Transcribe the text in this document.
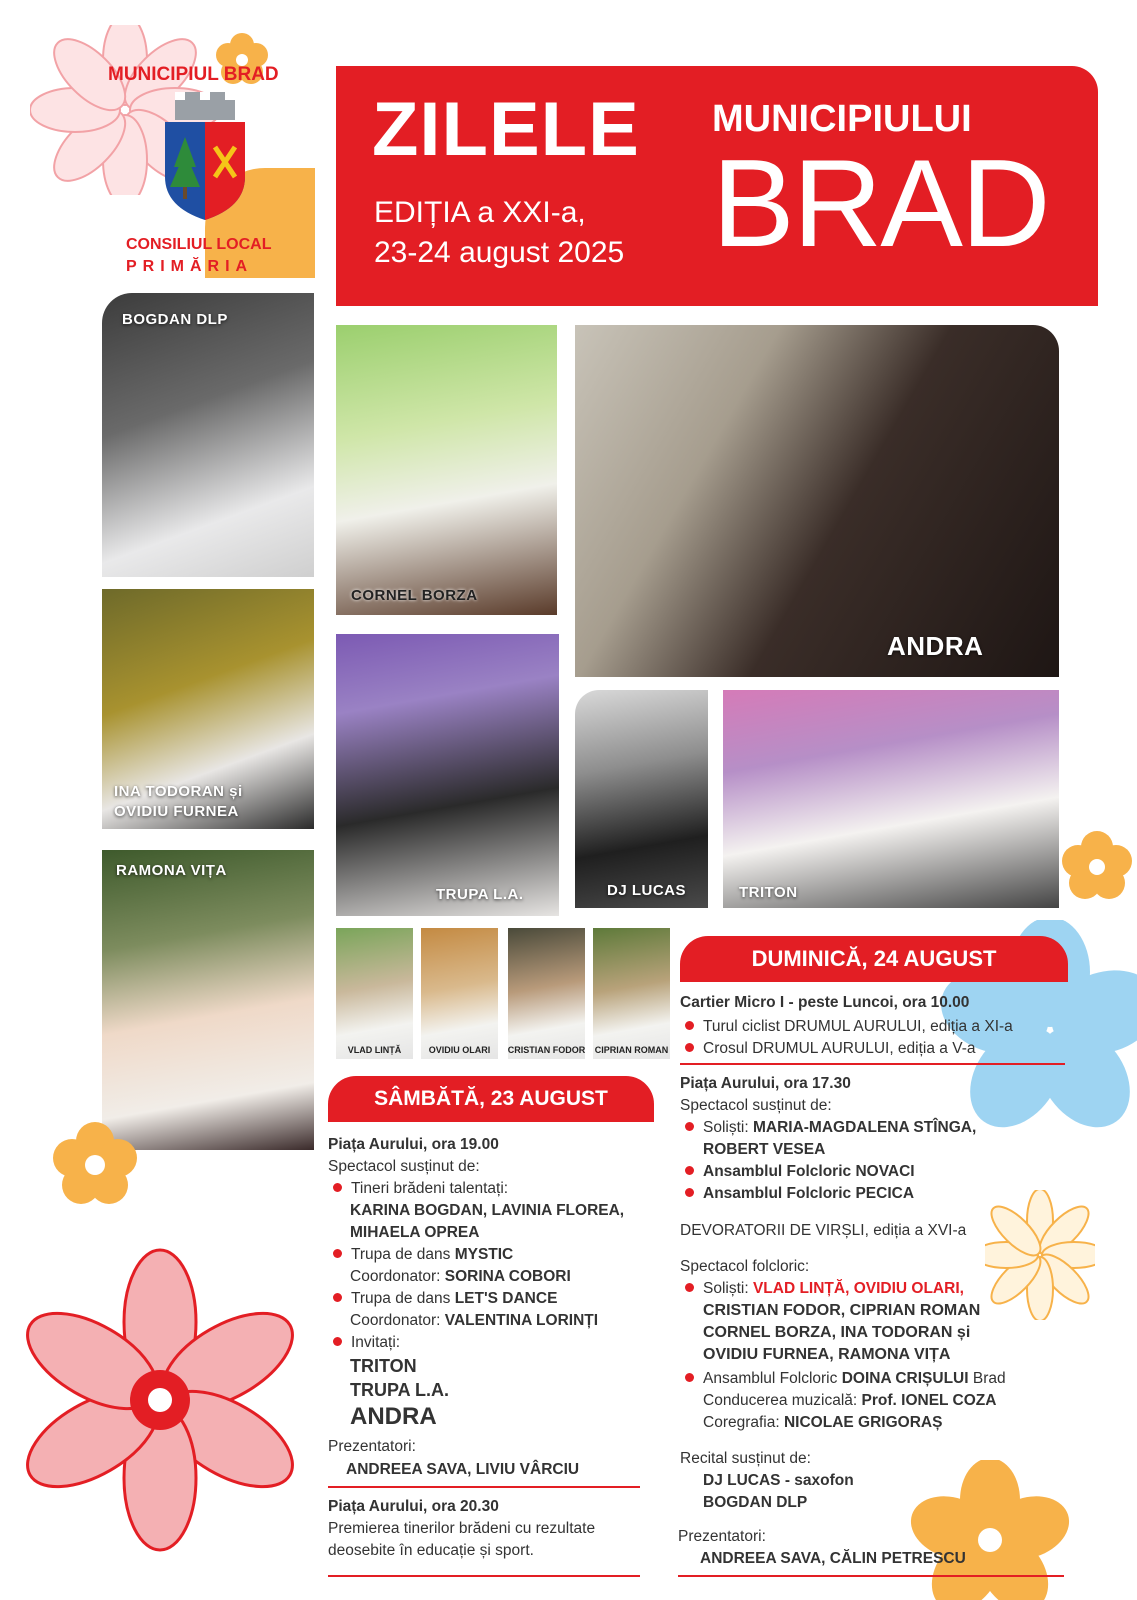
MUNICIPIUL BRAD
CONSILIUL LOCAL
PRIMĂRIA
ZILELE MUNICIPIULUI
BRAD
EDIȚIA a XXI-a,
23-24 august 2025
BOGDAN DLP
INA TODORAN și
OVIDIU FURNEA
RAMONA VIȚA
CORNEL BORZA
ANDRA
TRUPA L.A.	DJ LUCAS	TRITON
VLAD LINȚĂ	OVIDIU OLARI	CRISTIAN FODOR	CIPRIAN ROMAN
DUMINICĂ, 24 AUGUST
Cartier Micro I - peste Luncoi, ora 10.00
Turul ciclist DRUMUL AURULUI, ediția a XI-a
Crosul DRUMUL AURULUI, ediția a V-a
Piața Aurului, ora 17.30
Spectacol susținut de:
Soliști: MARIA-MAGDALENA STÎNGA,
ROBERT VESEA
Ansamblul Folcloric NOVACI
Ansamblul Folcloric PECICA
DEVORATORII DE VIRȘLI, ediția a XVI-a
Spectacol folcloric:
Soliști: VLAD LINȚĂ, OVIDIU OLARI,
CRISTIAN FODOR, CIPRIAN ROMAN
CORNEL BORZA, INA TODORAN și
OVIDIU FURNEA, RAMONA VIȚA
Ansamblul Folcloric DOINA CRIȘULUI Brad
Conducerea muzicală: Prof. IONEL COZA
Coregrafia: NICOLAE GRIGORAȘ
Recital susținut de:
DJ LUCAS - saxofon
BOGDAN DLP
Prezentatori:
ANDREEA SAVA, CĂLIN PETRESCU
SÂMBĂTĂ, 23 AUGUST
Piața Aurului, ora 19.00
Spectacol susținut de:
Tineri brădeni talentați:
KARINA BOGDAN, LAVINIA FLOREA,
MIHAELA OPREA
Trupa de dans MYSTIC
Coordonator: SORINA COBORI
Trupa de dans LET'S DANCE
Coordonator: VALENTINA LORINȚI
Invitați:
TRITON
TRUPA L.A.
ANDRA
Prezentatori:
ANDREEA SAVA, LIVIU VÂRCIU
Piața Aurului, ora 20.30
Premierea tinerilor brădeni cu rezultate
deosebite în educație și sport.
